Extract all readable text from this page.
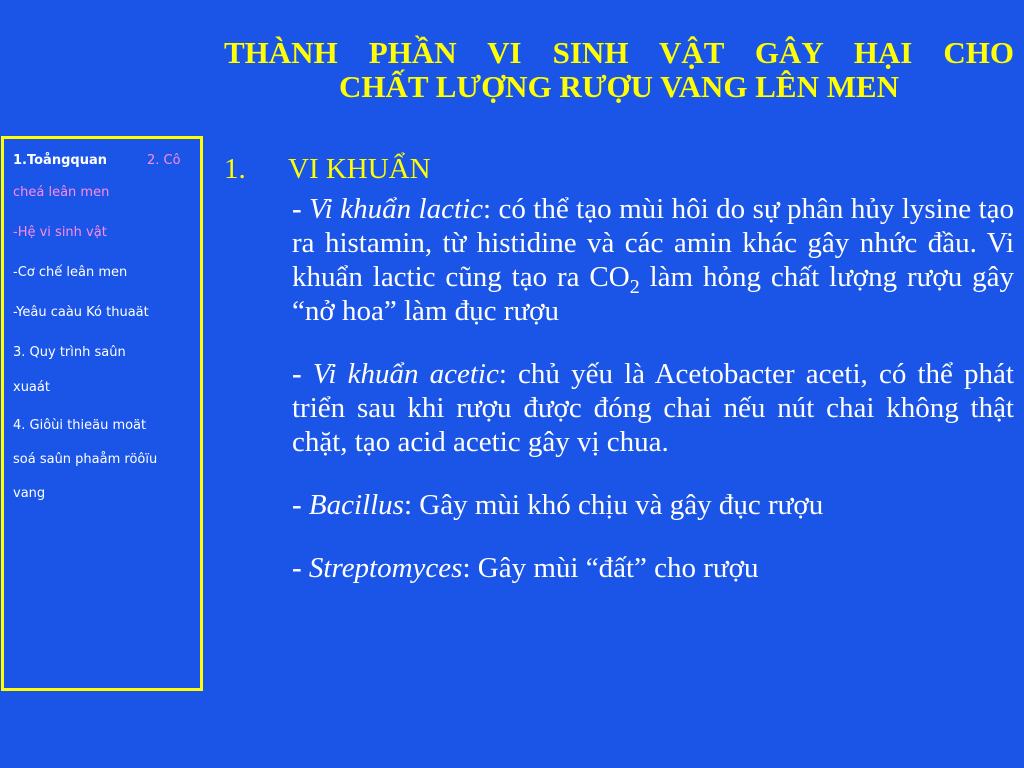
THÀNH PHẦN VI SINH VẬT GÂY HẠI CHO
CHẤT LƯỢNG RƯỢU VANG LÊN MEN
1.Toångquan	2. Cô
cheá leân men
-Hệ vi sinh vật
-Cơ chế leân men
-Yeâu caàu Kó thuaät
3. Quy trình saûn
xuaát
4. Giôùi thieäu moät
soá saûn phaåm röôïu
vang
1. VI KHUẨN

- Vi khuẩn lactic: có thể tạo mùi hôi do sự phân hủy lysine tạo ra histamin, từ histidine và các amin khác gây nhức đầu. Vi khuẩn lactic cũng tạo ra $CO_2$ làm hỏng chất lượng rượu gây “nở hoa” làm đục rượu

- Vi khuẩn acetic: chủ yếu là Acetobacter aceti, có thể phát triển sau khi rượu được đóng chai nếu nút chai không thật chặt, tạo acid acetic gây vị chua.

- Bacillus: Gây mùi khó chịu và gây đục rượu

- Streptomyces: Gây mùi “đất” cho rượu
